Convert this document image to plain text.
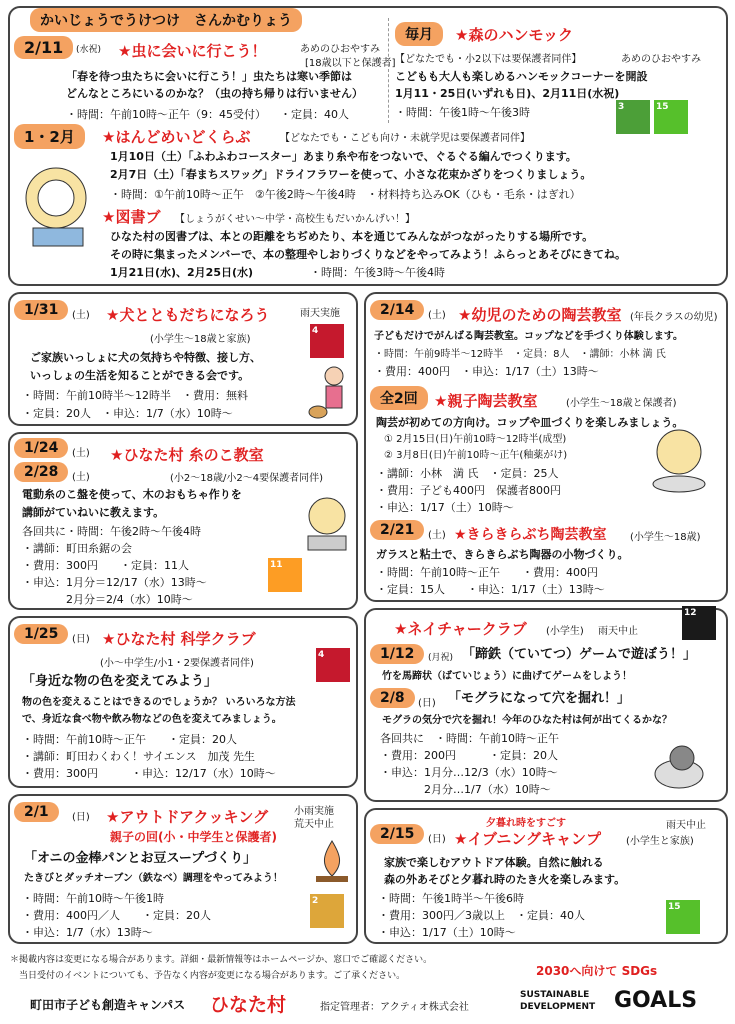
かいじょうでうけつけ　さんかむりょう
2/11	(水祝) ★虫に会いに行こう！	あめのひおやすみ
[18歳以下と保護者]
「春を待つ虫たちに会いに行こう！」虫たちは寒い季節は
どんなところにいるのかな？（虫の持ち帰りは行いません）
・時間：午前10時～正午（9：45受付） ・定員：40人
毎月	★森のハンモック
【どなたでも・小2以下は要保護者同伴】	あめのひおやすみ
こどもも大人も楽しめるハンモックコーナーを開設
1月11・25日(いずれも日)、2月11日(水祝)
・時間：午後1時～午後3時	3	15
1・2月	★はんどめいどくらぶ	【どなたでも・こども向け・未就学児は要保護者同伴】
1月10日（土）「ふわふわコースター」あまり糸や布をつないで、ぐるぐる編んでつくります。
2月7日（土）「春まちスワッグ」ドライフラワーを使って、小さな花束かざりをつくりましょう。
・時間：①午前10時～正午　②午後2時～午後4時　・材料持ち込みOK（ひも・毛糸・はぎれ）
★図書ブ 【しょうがくせい～中学・高校生もだいかんげい！】
ひなた村の図書ブは、本との距離をちぢめたり、本を通じてみんながつながったりする場所です。
その時に集まったメンバーで、本の整理やしおりづくりなどをやってみよう！ふらっとあそびにきてね。
1月21日(水)、2月25日(水)	・時間：午後3時～午後4時
1/31	(土) ★犬とともだちになろう	雨天実施
(小学生～18歳と家族)
ご家族いっしょに犬の気持ちや特徴、接し方、
いっしょの生活を知ることができる会です。
・時間：午前10時半～12時半　・費用：無料
・定員：20人　・申込：1/7（水）10時～
4
1/24	(土)
2/28	(土)
★ひなた村 糸のこ教室
(小2～18歳/小2～4要保護者同伴)
電動糸のこ盤を使って、木のおもちゃ作りを
講師がていねいに教えます。
各回共に・時間：午後2時～午後4時
・講師：町田糸鋸の会
・費用：300円　　・定員：11人
・申込：1月分＝12/17（水）13時～
　　　　2月分＝2/4（水）10時～
11
1/25	(日) ★ひなた村 科学クラブ
(小～中学生/小1・2要保護者同伴)
「身近な物の色を変えてみよう」
物の色を変えることはできるのでしょうか？ いろいろな方法
で、身近な食べ物や飲み物などの色を変えてみましょう。
・時間：午前10時～正午　　・定員：20人
・講師：町田わくわく！サイエンス　加茂 先生
・費用：300円　　　・申込：12/17（水）10時～
4
2/1	(日) ★アウトドアクッキング	小雨実施
荒天中止
親子の回(小・中学生と保護者)
「オニの金棒パンとお豆スープづくり」
たきびとダッチオーブン（鉄なべ）調理をやってみよう！
・時間：午前10時～午後1時
・費用：400円／人　　・定員：20人
・申込：1/7（水）13時～
2
2/14	(土) ★幼児のための陶芸教室 (年長クラスの幼児)
子どもだけでがんばる陶芸教室。コップなどを手づくり体験します。
・時間：午前9時半～12時半　・定員：8人　・講師：小林 満 氏
・費用：400円　・申込：1/17（土）13時～
全2回	★親子陶芸教室	(小学生～18歳と保護者)
陶芸が初めての方向け。コップや皿づくりを楽しみましょう。
① 2月15日(日)午前10時～12時半(成型)
② 3月8日(日)午前10時～正午(釉薬がけ)
・講師：小林　満 氏　・定員：25人
・費用：子ども400円　保護者800円
・申込：1/17（土）10時～
2/21	(土) ★きらきらぶち陶芸教室 (小学生～18歳)
ガラスと粘土で、きらきらぶち陶器の小物づくり。
・時間：午前10時～正午　　・費用：400円
・定員：15人　　・申込：1/17（土）13時～
★ネイチャークラブ (小学生) 雨天中止
12
1/12	(月祝) 「蹄鉄（ていてつ）ゲームで遊ぼう！」
竹を馬蹄状（ばていじょう）に曲げてゲームをしよう！
2/8	(日) 「モグラになって穴を掘れ！」
モグラの気分で穴を掘れ！今年のひなた村は何が出てくるかな？
各回共に　・時間：午前10時～正午
・費用：200円　　　・定員：20人
・申込：1月分…12/3（水）10時～
　　　　2月分…1/7（水）10時～
2/15	(日)
夕暮れ時をすごす
★イブニングキャンプ
雨天中止
(小学生と家族)
家族で楽しむアウトドア体験。自然に触れる
森の外あそびと夕暮れ時のたき火を楽しみます。
・時間：午後1時半～午後6時
・費用：300円／3歳以上　・定員：40人
・申込：1/17（土）10時～
15
＊掲載内容は変更になる場合があります。詳細・最新情報等はホームページか、窓口でご確認ください。
　当日受付のイベントについても、予告なく内容が変更になる場合があります。ご了承ください。
町田市子ども創造キャンパス ひなた村	指定管理者：アクティオ株式会社
2030へ向けて SDGs
SUSTAINABLE
DEVELOPMENT GOALS
